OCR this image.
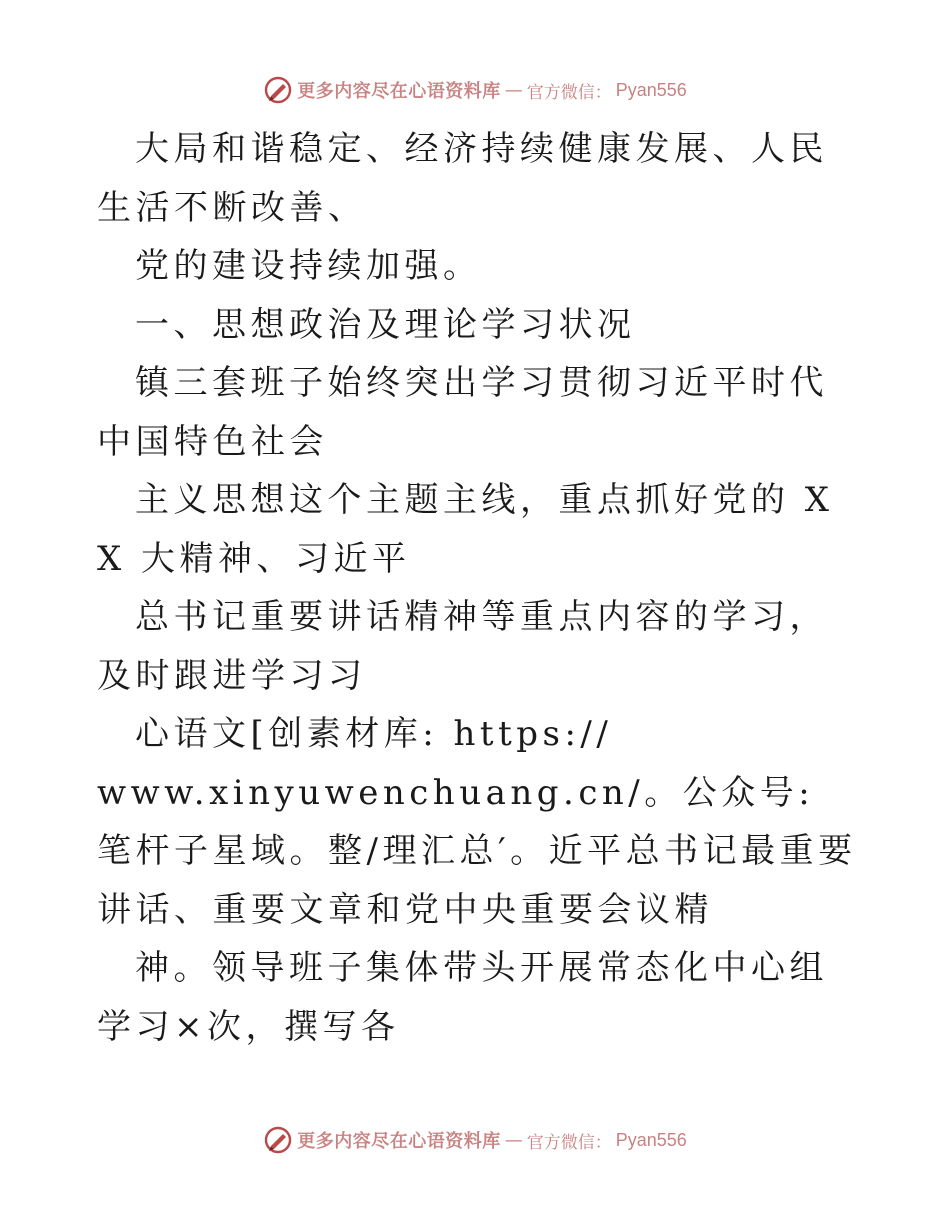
更多内容尽在心语资料库 — 官方微信： Pyan556

大局和谐稳定、经济持续健康发展、人民生活不断改善、

党的建设持续加强。

一、思想政治及理论学习状况

镇三套班子始终突出学习贯彻习近平时代中国特色社会

主义思想这个主题主线，重点抓好党的 XX 大精神、习近平

总书记重要讲话精神等重点内容的学习，及时跟进学习习

心语文[创素材库: https://

www.xinyuwenchuang.cn/。公众号: 笔杆子星域。整/理汇总′。近平总书记最重要讲话、重要文章和党中央重要会议精

神。领导班子集体带头开展常态化中心组学习×次，撰写各

更多内容尽在心语资料库 — 官方微信： Pyan556
